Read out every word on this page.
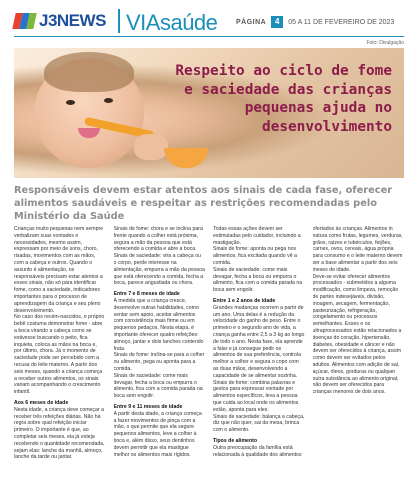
J3NEWS VIAsaúde	PÁGINA	4	05 A 11 DE FEVEREIRO DE 2023
Foto: Divulgação
Respeito ao ciclo de fome e saciedade das crianças pequenas ajuda no desenvolvimento
Responsáveis devem estar atentos aos sinais de cada fase, oferecer alimentos saudáveis e respeitar as restrições recomendadas pelo Ministério da Saúde

Crianças muito pequenas nem sempre verbalizam suas vontades e necessidades, mesmo assim, expressam por meio de sons, choro, risadas, movimentos com as mãos, com a cabeça e outros. Quando o assunto é alimentação, os responsáveis precisam estar atentos a esses sinais, não só para identificar fome, como a saciedade, indicadores importantes para o processo de aprendizagem da criança e seu pleno desenvolvimento.

No caso dos recém-nascidos, o próprio bebê costuma demonstrar fome - abre a boca virando a cabeça como se estivesse buscando o peito, fica inquieta, coloca as mãos na boca e, por último, chora. Já o momento de saciedade pode ser percebido com a recusa do leite materno. A partir dos seis meses, quando a criança começa a receber outros alimentos, os sinais variam acompanhando o crescimento infantil.

Aos 6 meses de idade

Nesta idade, a criança deve começar a receber três refeições diárias. Não há regra sobre qual refeição iniciar primeiro. O importante é que, ao completar seis meses, ela já esteja recebendo o quantidade recomendada, sejam elas: lanche da manhã, almoço, lanche da tarde ou jantar.

Sinais de fome: chora e se inclina para frente quando a colher está próxima, segura a mão da pessoa que está oferecendo a comida e abre a boca.

Sinais de saciedade: vira a cabeça ou o corpo, perde interesse na alimentação, empurra a mão da pessoa que está oferecendo a comida, fecha a boca, parece angustiada ou chora.

Entre 7 e 8 meses de idade

À medida que a criança cresce, desenvolve outras habilidades, como sentar sem apoio, aceitar alimentos com consistência mais firme ou em pequenos pedaços. Nesta etapa, é importante oferecer quatro refeições: almoço, jantar e dois lanches contendo fruta.

Sinais de fome: inclina-se para a colher ou alimento, pega ou aponta para a comida.

Sinais de saciedade: come mais devagar, fecha a boca ou empurra o alimento, fica com a comida parada na boca sem engolir.

Entre 9 e 11 meses de idade

A partir desta idade, a criança começa a fazer movimentos de pinça com a mão, o que permite que ela segure pequenos alimentos, leve a colher à boca e, além disso, seus dentinhos devem permitir que ela mastigue melhor os alimentos mais rígidos.

Todas essas ações devem ser estimuladas pelo cuidador, incluindo a mastigação.

Sinais de fome: aponta ou pega nos alimentos, fica excitada quando vê a comida.

Sinais de saciedade: come mais devagar, fecha a boca ou empurra o alimento, fica com a comida parada na boca sem engolir.

Entre 1 e 2 anos de idade

Grandes mudanças ocorrem a partir de um ano. Uma delas é a redução da velocidade do ganho de peso. Entre o primeiro e o segundo ano de vida, a criança ganha entre 2,5 a 3 kg ao longo de todo o ano. Nesta fase, ela aprende a falar e já consegue pedir os alimentos de sua preferência, controla melhor a colher e segura o copo com as duas mãos, desenvolvendo a capacidade de se alimentar sozinha.

Sinais de fome: combina palavras e gestos para expressar vontade por alimentos específicos, leva a pessoa que cuida ao local onde os alimentos estão, aponta para eles.

Sinais de saciedade: balança a cabeça, diz que não quer, sai da mesa, brinca com o alimento.

Tipos de alimento

Outra preocupação da família está relacionada à qualidade dos alimentos

ofertados às crianças. Alimentos in natura como frutas, legumes, verduras, grãos, raízes e tubérculos, feijões, carnes, ovos, cereais, água própria para consumo e o leite materno devem ser a base alimentar a partir dos seis meses de idade.

Deve-se evitar oferecer alimentos processados - submetidos a alguma modificação, como limpeza, remoção de partes indesejáveis, divisão, moagem, secagem, fermentação, pasteurização, refrigeração, congelamento ou processos semelhantes. Esses e os ultraprocessados estão relacionados a doenças do coração, hipertensão, diabetes, obesidade e câncer e não devem ser oferecidos à criança, assim como devem ser evitados pelos adultos. Alimentos com adição de sal, açúcar, óleos, gorduras ou qualquer outra substância ao alimento original, não devem ser oferecidos para crianças menores de dois anos.
